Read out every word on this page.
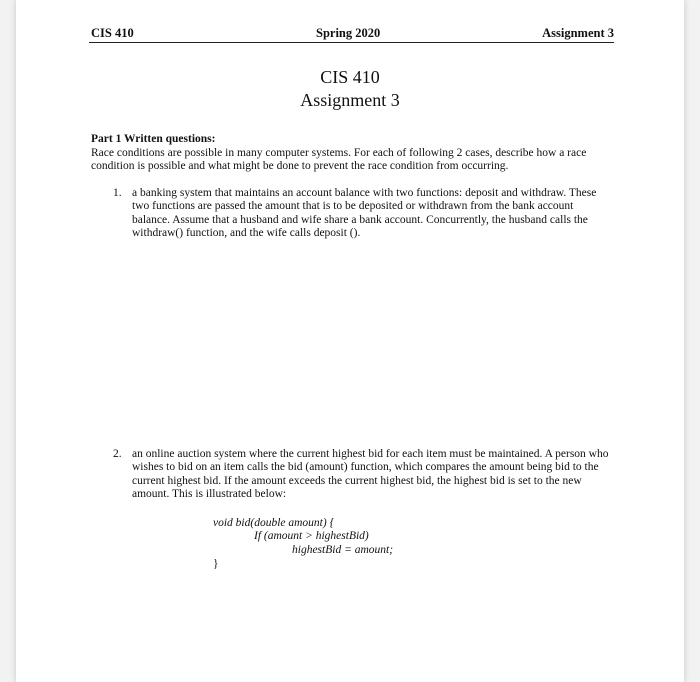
CIS 410	Spring 2020	Assignment 3
CIS 410
Assignment 3
Part 1 Written questions:
Race conditions are possible in many computer systems. For each of following 2 cases, describe how a race condition is possible and what might be done to prevent the race condition from occurring.
1. a banking system that maintains an account balance with two functions: deposit and withdraw. These two functions are passed the amount that is to be deposited or withdrawn from the bank account balance. Assume that a husband and wife share a bank account. Concurrently, the husband calls the withdraw() function, and the wife calls deposit ().
2. an online auction system where the current highest bid for each item must be maintained. A person who wishes to bid on an item calls the bid (amount) function, which compares the amount being bid to the current highest bid. If the amount exceeds the current highest bid, the highest bid is set to the new amount. This is illustrated below:
void bid(double amount) {
If (amount > highestBid)
highestBid = amount;
}
